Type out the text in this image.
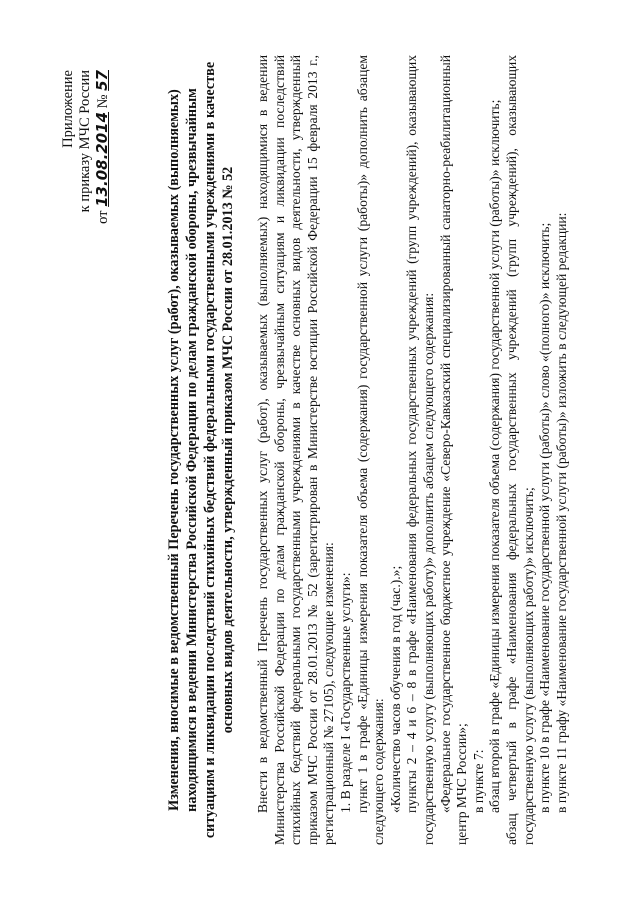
Приложение к приказу МЧС России
от 13.08.2014 № 57
Изменения, вносимые в ведомственный Перечень государственных услуг (работ), оказываемых (выполняемых) находящимися в ведении Министерства Российской Федерации по делам гражданской обороны, чрезвычайным ситуациям и ликвидации последствий стихийных бедствий федеральными государственными учреждениями в качестве основных видов деятельности, утвержденный приказом МЧС России от 28.01.2013 № 52 Внести в ведомственный Перечень государственных услуг (работ), оказываемых (выполняемых) находящимися в ведении Министерства Российской Федерации по делам гражданской обороны, чрезвычайным ситуациям и ликвидации последствий стихийных бедствий федеральными государственными учреждениями в качестве основных видов деятельности, утвержденный приказом МЧС России от 28.01.2013 № 52 (зарегистрирован в Министерстве юстиции Российской Федерации 15 февраля 2013 г., регистрационный № 27105), следующие изменения: 1. В разделе I «Государственные услуги»: пункт 1 в графе «Единицы измерения показателя объема (содержания) государственной услуги (работы)» дополнить абзацем следующего содержания: «Количество часов обучения в год (час.).»; пункты 2 – 4 и 6 – 8 в графе «Наименования федеральных государственных учреждений (групп учреждений), оказывающих государственную услугу (выполняющих работу)» дополнить абзацем следующего содержания: «Федеральное государственное бюджетное учреждение «Северо-Кавказский специализированный санаторно-реабилитационный центр МЧС России»; в пункте 7: абзац второй в графе «Единицы измерения показателя объема (содержания) государственной услуги (работы)» исключить; абзац четвертый в графе «Наименования федеральных государственных учреждений (групп учреждений), оказывающих государственную услугу (выполняющих работу)» исключить; в пункте 10 в графе «Наименование государственной услуги (работы)» слово «(полного)» исключить; в пункте 11 графу «Наименование государственной услуги (работы)» изложить в следующей редакции:
